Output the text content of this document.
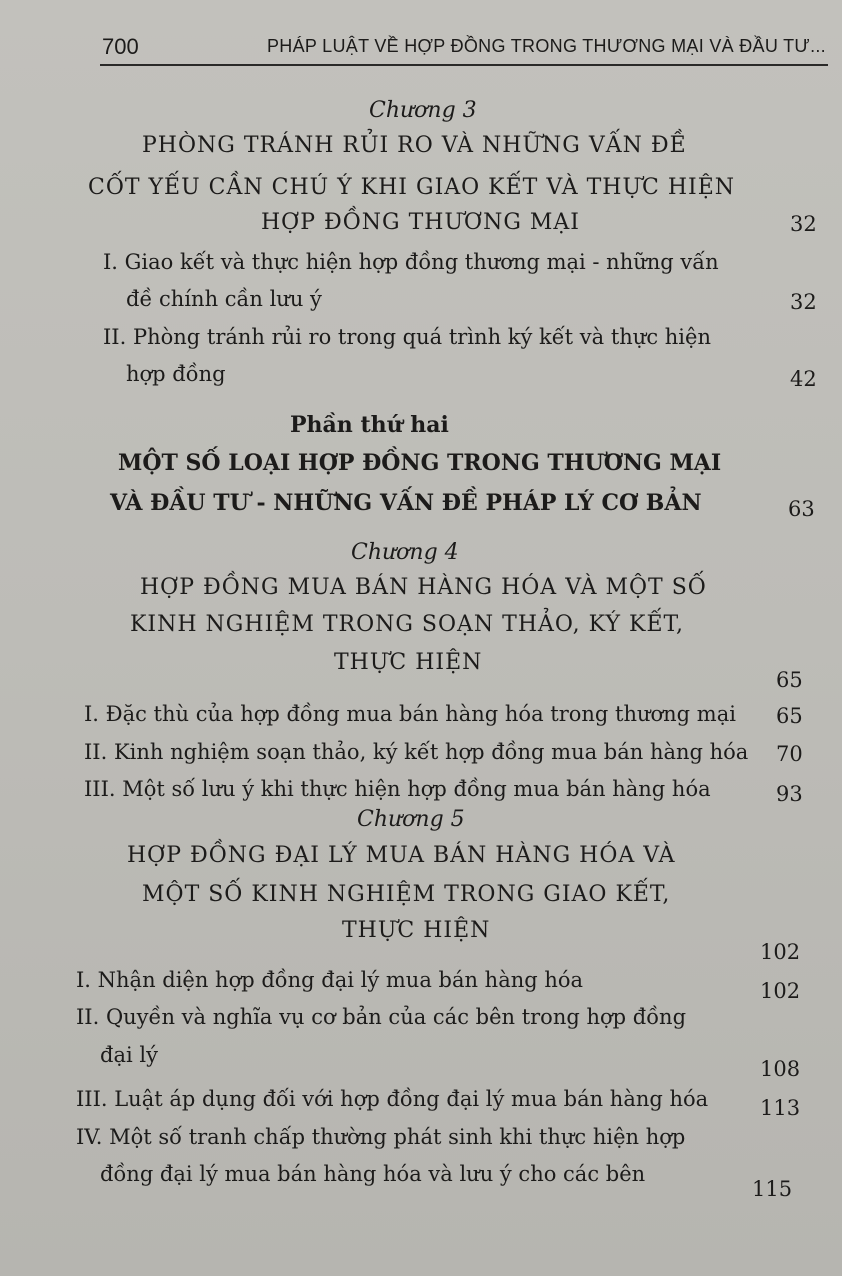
700	PHÁP LUẬT VỀ HỢP ĐỒNG TRONG THƯƠNG MẠI VÀ ĐẦU TƯ...
Chương 3
PHÒNG TRÁNH RỦI RO VÀ NHỮNG VẤN ĐỀ
CỐT YẾU CẦN CHÚ Ý KHI GIAO KẾT VÀ THỰC HIỆN
HỢP ĐỒNG THƯƠNG MẠI	32
I. Giao kết và thực hiện hợp đồng thương mại - những vấn
đề chính cần lưu ý	32
II. Phòng tránh rủi ro trong quá trình ký kết và thực hiện
hợp đồng	42
Phần thứ hai
MỘT SỐ LOẠI HỢP ĐỒNG TRONG THƯƠNG MẠI
VÀ ĐẦU TƯ - NHỮNG VẤN ĐỀ PHÁP LÝ CƠ BẢN	63
Chương 4
HỢP ĐỒNG MUA BÁN HÀNG HÓA VÀ MỘT SỐ
KINH NGHIỆM TRONG SOẠN THẢO, KÝ KẾT,
THỰC HIỆN
65
I. Đặc thù của hợp đồng mua bán hàng hóa trong thương mại 65
II. Kinh nghiệm soạn thảo, ký kết hợp đồng mua bán hàng hóa 70
III. Một số lưu ý khi thực hiện hợp đồng mua bán hàng hóa	93
Chương 5
HỢP ĐỒNG ĐẠI LÝ MUA BÁN HÀNG HÓA VÀ
MỘT SỐ KINH NGHIỆM TRONG GIAO KẾT,
THỰC HIỆN
102
I. Nhận diện hợp đồng đại lý mua bán hàng hóa	102
II. Quyền và nghĩa vụ cơ bản của các bên trong hợp đồng
đại lý
108
III. Luật áp dụng đối với hợp đồng đại lý mua bán hàng hóa 113
IV. Một số tranh chấp thường phát sinh khi thực hiện hợp
đồng đại lý mua bán hàng hóa và lưu ý cho các bên
115
